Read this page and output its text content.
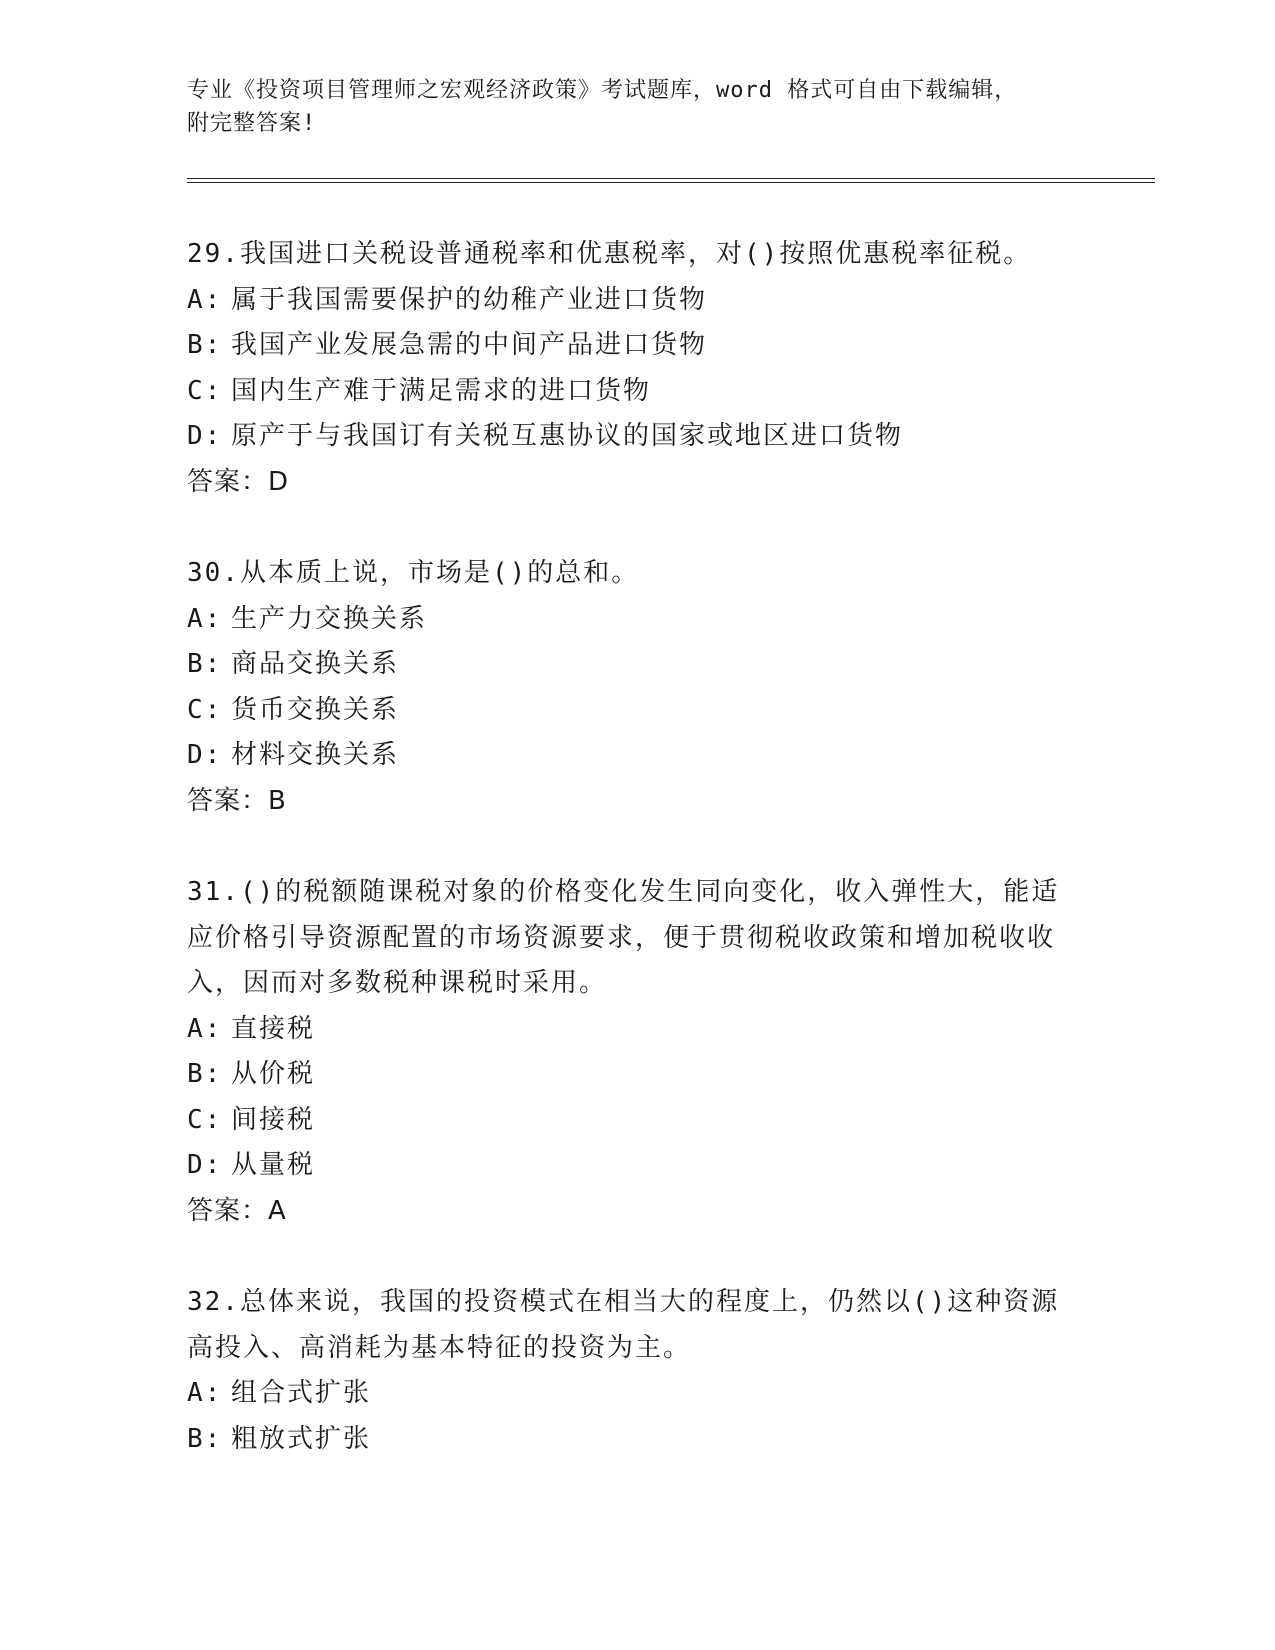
专业《投资项目管理师之宏观经济政策》考试题库，word 格式可自由下载编辑，
附完整答案!
29.我国进口关税设普通税率和优惠税率，对()按照优惠税率征税。
A: 属于我国需要保护的幼稚产业进口货物
B: 我国产业发展急需的中间产品进口货物
C: 国内生产难于满足需求的进口货物
D: 原产于与我国订有关税互惠协议的国家或地区进口货物
答案：D
30.从本质上说，市场是()的总和。
A: 生产力交换关系
B: 商品交换关系
C: 货币交换关系
D: 材料交换关系
答案：B
31.()的税额随课税对象的价格变化发生同向变化，收入弹性大，能适应价格引导资源配置的市场资源要求，便于贯彻税收政策和增加税收收入，因而对多数税种课税时采用。
A: 直接税
B: 从价税
C: 间接税
D: 从量税
答案：A
32.总体来说，我国的投资模式在相当大的程度上，仍然以()这种资源高投入、高消耗为基本特征的投资为主。
A: 组合式扩张
B: 粗放式扩张
